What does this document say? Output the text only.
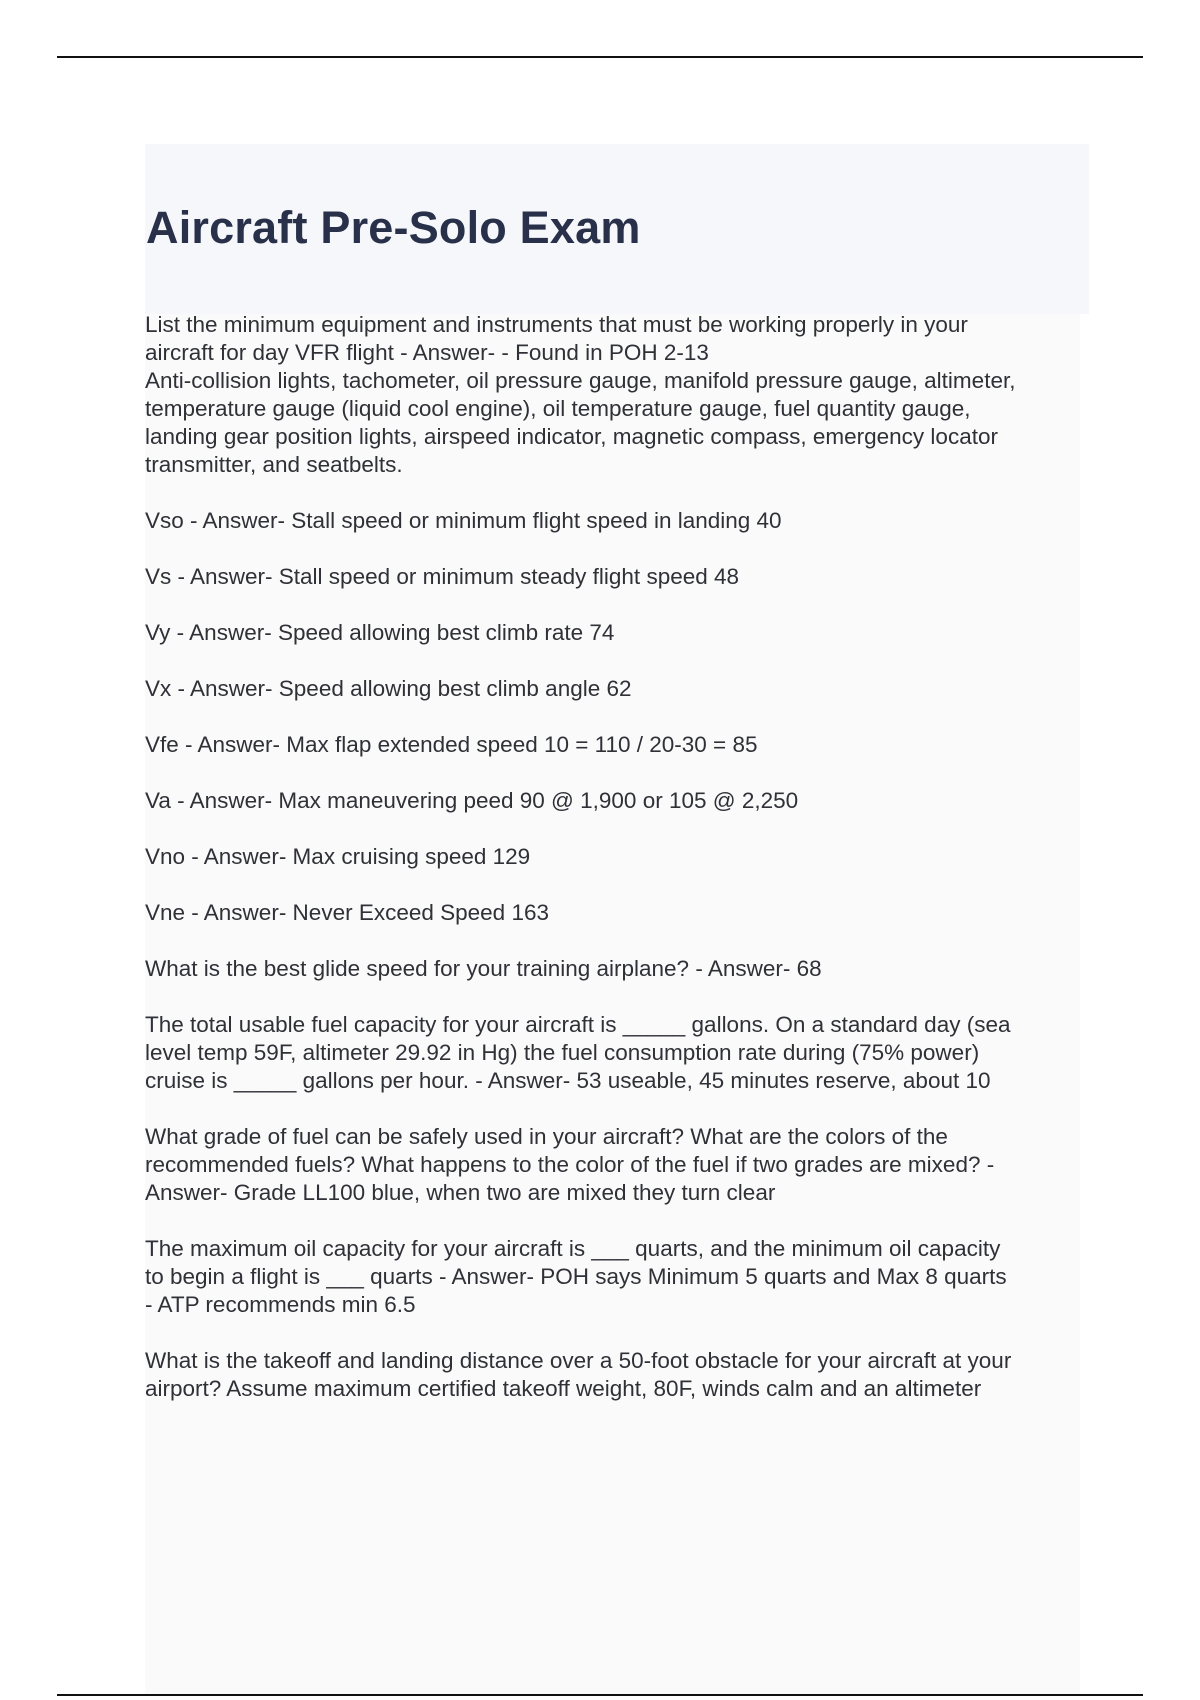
Aircraft Pre-Solo Exam

List the minimum equipment and instruments that must be working properly in your
aircraft for day VFR flight - Answer- - Found in POH 2-13
Anti-collision lights, tachometer, oil pressure gauge, manifold pressure gauge, altimeter,
temperature gauge (liquid cool engine), oil temperature gauge, fuel quantity gauge,
landing gear position lights, airspeed indicator, magnetic compass, emergency locator
transmitter, and seatbelts.

Vso - Answer- Stall speed or minimum flight speed in landing 40

Vs - Answer- Stall speed or minimum steady flight speed 48

Vy - Answer- Speed allowing best climb rate 74

Vx - Answer- Speed allowing best climb angle 62

Vfe - Answer- Max flap extended speed 10 = 110 / 20-30 = 85

Va - Answer- Max maneuvering peed 90 @ 1,900 or 105 @ 2,250

Vno - Answer- Max cruising speed 129

Vne - Answer- Never Exceed Speed 163

What is the best glide speed for your training airplane? - Answer- 68

The total usable fuel capacity for your aircraft is _____ gallons. On a standard day (sea
level temp 59F, altimeter 29.92 in Hg) the fuel consumption rate during (75% power)
cruise is _____ gallons per hour. - Answer- 53 useable, 45 minutes reserve, about 10

What grade of fuel can be safely used in your aircraft? What are the colors of the
recommended fuels? What happens to the color of the fuel if two grades are mixed? -
Answer- Grade LL100 blue, when two are mixed they turn clear

The maximum oil capacity for your aircraft is ___ quarts, and the minimum oil capacity
to begin a flight is ___ quarts - Answer- POH says Minimum 5 quarts and Max 8 quarts
- ATP recommends min 6.5

What is the takeoff and landing distance over a 50-foot obstacle for your aircraft at your
airport? Assume maximum certified takeoff weight, 80F, winds calm and an altimeter
